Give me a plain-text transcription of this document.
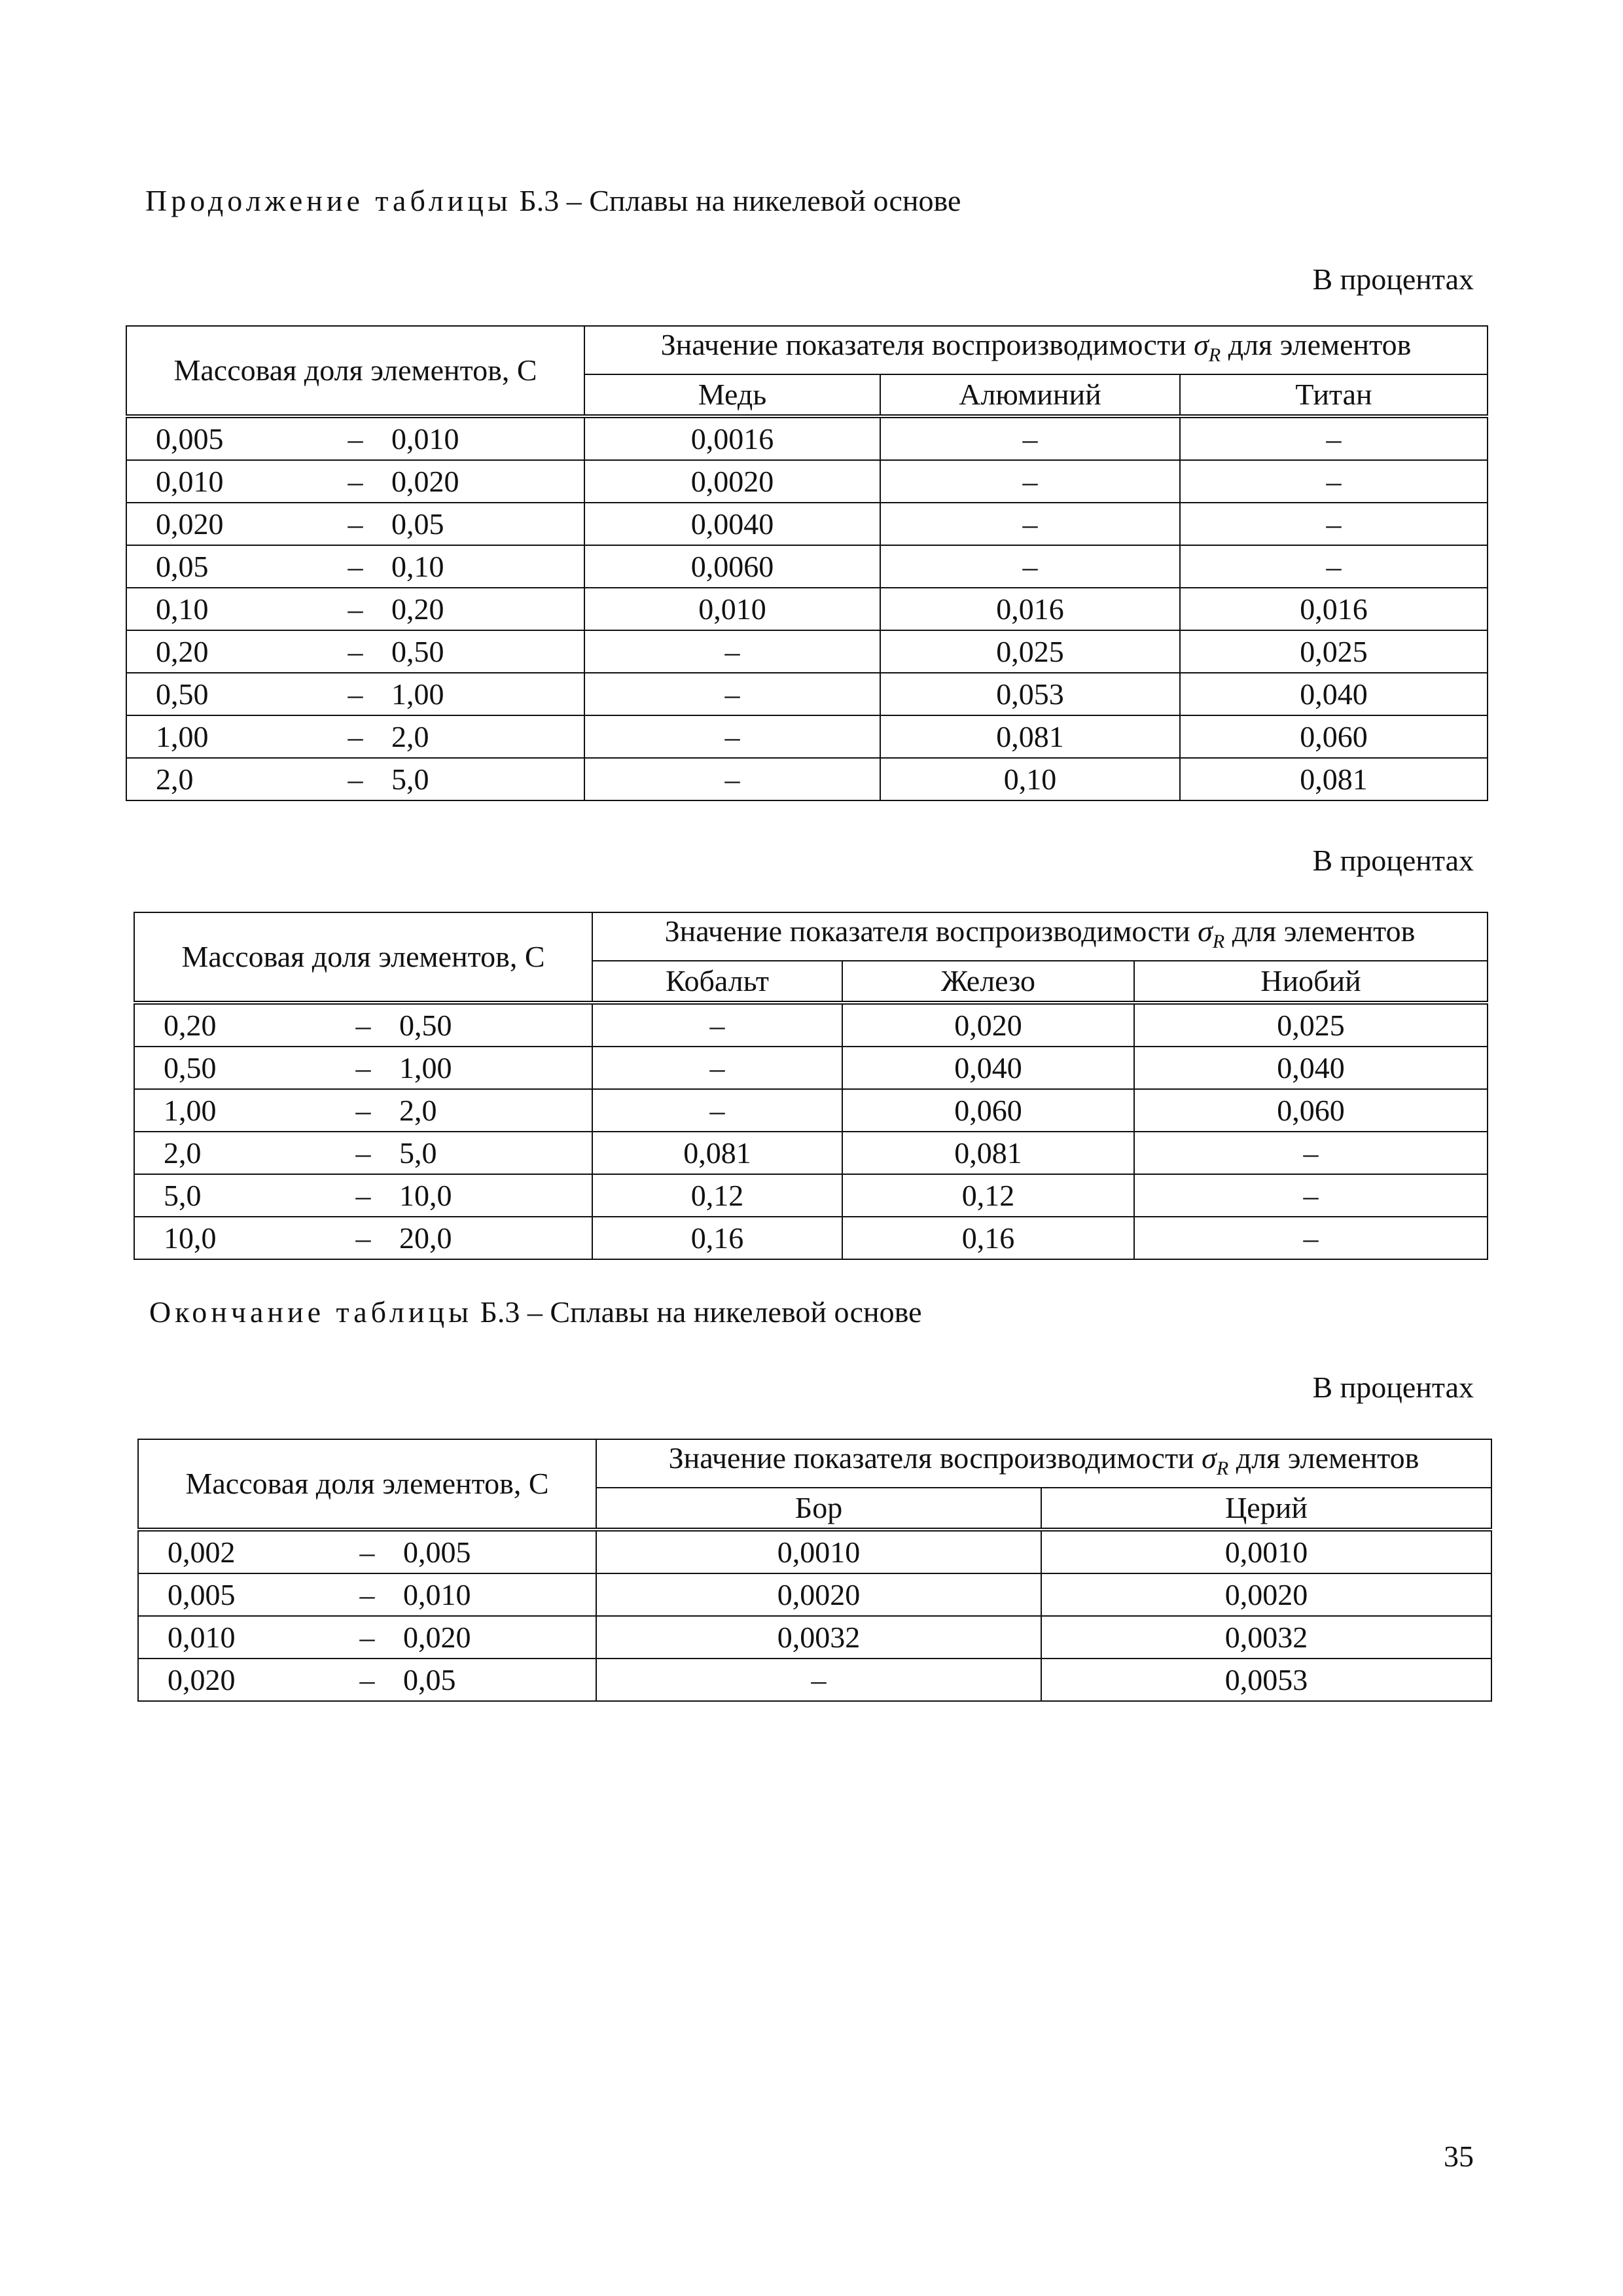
Продолжение таблицы Б.3 – Сплавы на никелевой основе
В процентах
Массовая доля элементов, C	Значение показателя воспроизводимости $\sigma_R$ для элементов		
	Медь	Алюминий	Титан

0,005 – 0,010	0,0016	–	–

0,010 – 0,020	0,0020	–	–

0,020 – 0,05	0,0040	–	–

0,05 – 0,10	0,0060	–	–

0,10 – 0,20	0,010	0,016	0,016

0,20 – 0,50	–	0,025	0,025

0,50 – 1,00	–	0,053	0,040

1,00 – 2,0	–	0,081	0,060

2,0 – 5,0	–	0,10	0,081
В процентах
Массовая доля элементов, C	Значение показателя воспроизводимости $\sigma_R$ для элементов		
	Кобальт	Железо	Ниобий

0,20 – 0,50	–	0,020	0,025

0,50 – 1,00	–	0,040	0,040

1,00 – 2,0	–	0,060	0,060

2,0 – 5,0	0,081	0,081	–

5,0 – 10,0	0,12	0,12	–

10,0 – 20,0	0,16	0,16	–
Окончание таблицы Б.3 – Сплавы на никелевой основе
В процентах
Массовая доля элементов, C	Значение показателя воспроизводимости $\sigma_R$ для элементов	
	Бор	Церий

0,002 – 0,005	0,0010	0,0010

0,005 – 0,010	0,0020	0,0020

0,010 – 0,020	0,0032	0,0032

0,020 – 0,05	–	0,0053
35
